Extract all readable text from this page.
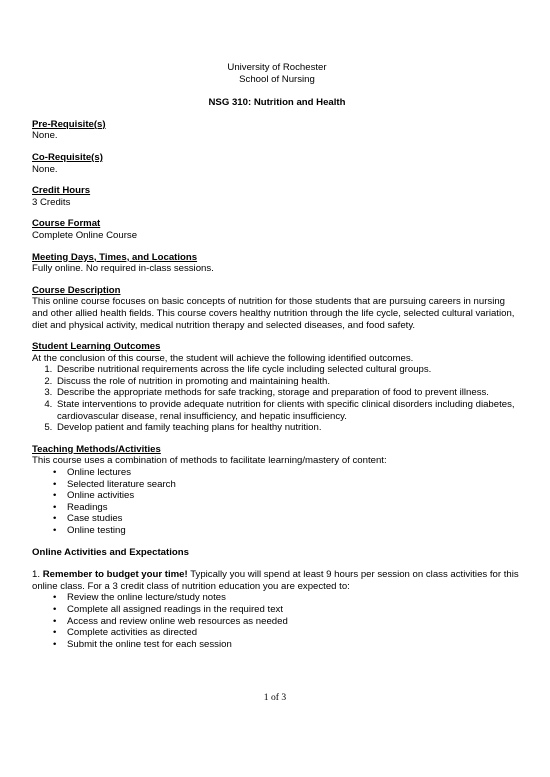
University of Rochester
School of Nursing
NSG 310: Nutrition and Health
Pre-Requisite(s)
None.
Co-Requisite(s)
None.
Credit Hours
3 Credits
Course Format
Complete Online Course
Meeting Days, Times, and Locations
Fully online. No required in-class sessions.
Course Description
This online course focuses on basic concepts of nutrition for those students that are pursuing careers in nursing and other allied health fields. This course covers healthy nutrition through the life cycle, selected cultural variation, diet and physical activity, medical nutrition therapy and selected diseases, and food safety.
Student Learning Outcomes
At the conclusion of this course, the student will achieve the following identified outcomes.
1. Describe nutritional requirements across the life cycle including selected cultural groups.
2. Discuss the role of nutrition in promoting and maintaining health.
3. Describe the appropriate methods for safe tracking, storage and preparation of food to prevent illness.
4. State interventions to provide adequate nutrition for clients with specific clinical disorders including diabetes, cardiovascular disease, renal insufficiency, and hepatic insufficiency.
5. Develop patient and family teaching plans for healthy nutrition.
Teaching Methods/Activities
This course uses a combination of methods to facilitate learning/mastery of content:
• Online lectures
• Selected literature search
• Online activities
• Readings
• Case studies
• Online testing
Online Activities and Expectations
1. Remember to budget your time! Typically you will spend at least 9 hours per session on class activities for this online class. For a 3 credit class of nutrition education you are expected to:
• Review the online lecture/study notes
• Complete all assigned readings in the required text
• Access and review online web resources as needed
• Complete activities as directed
• Submit the online test for each session
1 of 3
